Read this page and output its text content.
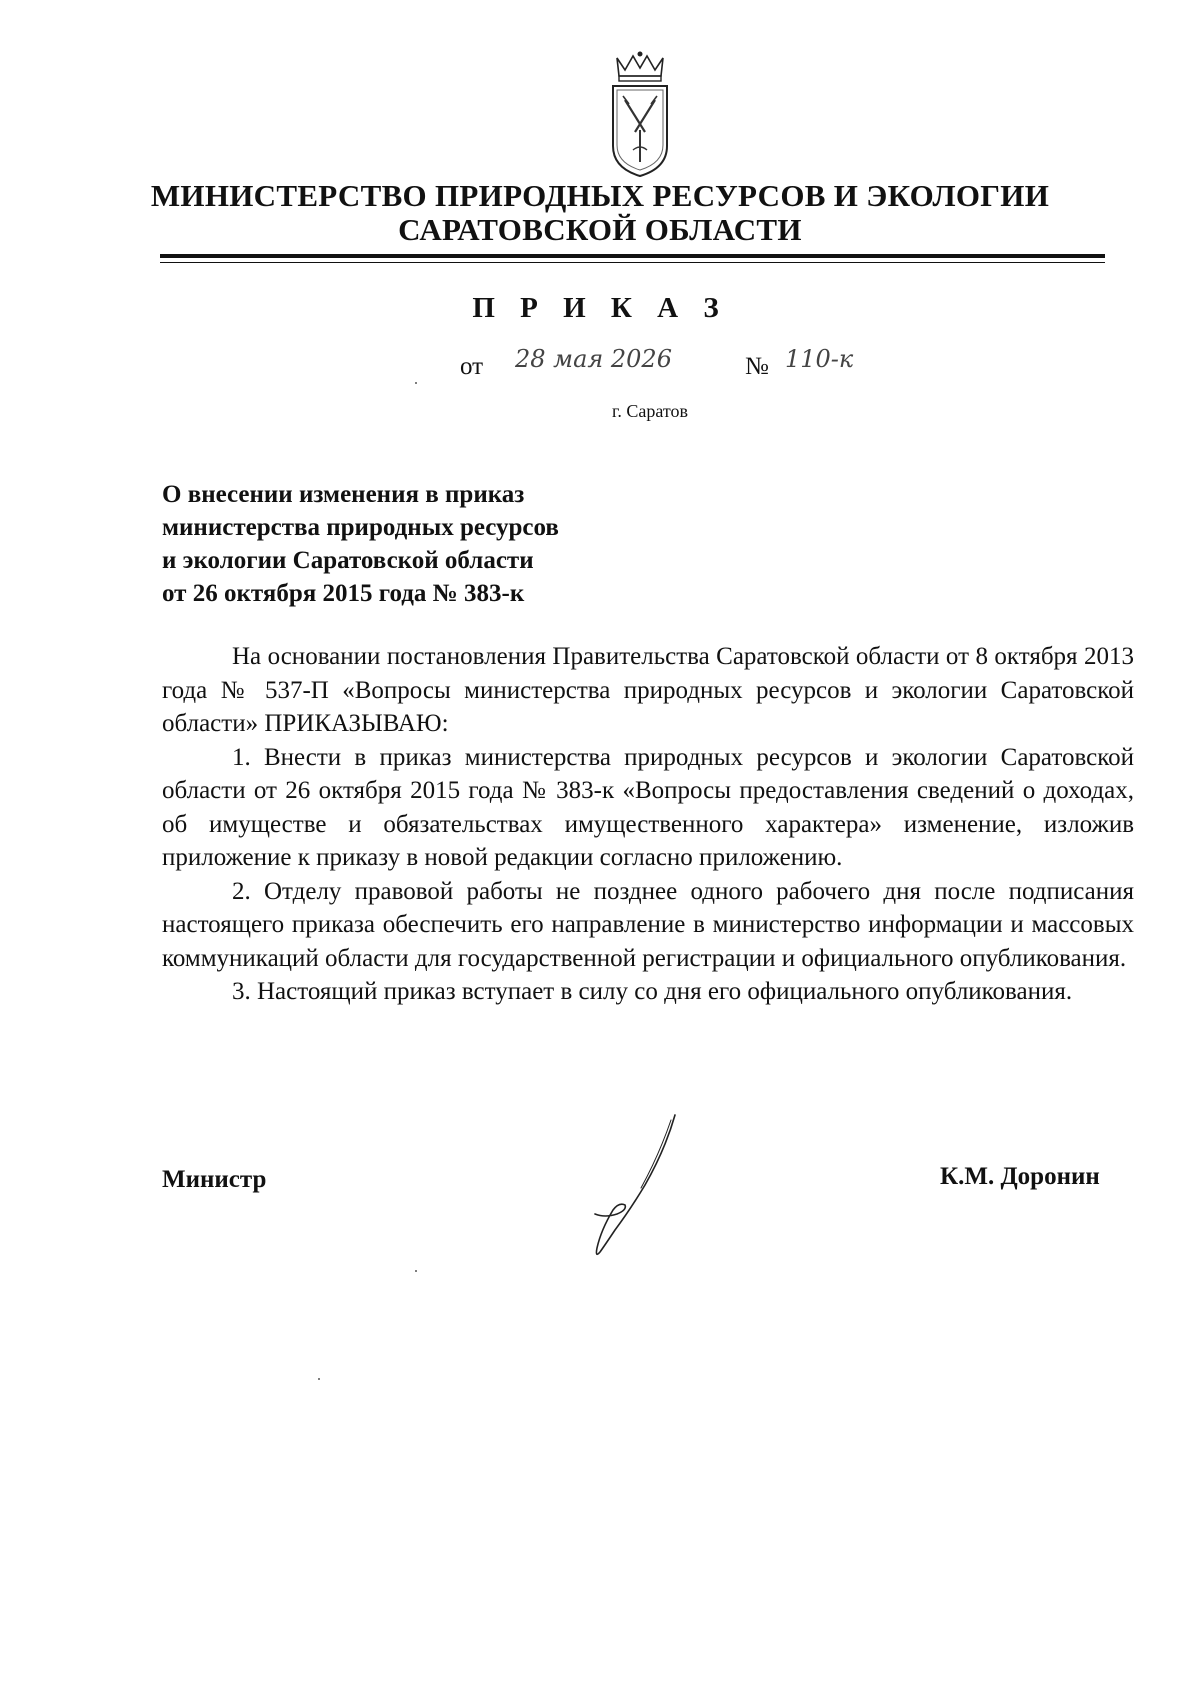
МИНИСТЕРСТВО ПРИРОДНЫХ РЕСУРСОВ И ЭКОЛОГИИ
САРАТОВСКОЙ ОБЛАСТИ
П Р И К А З
от 28 мая 2026	№ 110-к
г. Саратов
О внесении изменения в приказ
министерства природных ресурсов
и экологии Саратовской области
от 26 октября 2015 года № 383-к

На основании постановления Правительства Саратовской области от 8 октября 2013 года № 537-П «Вопросы министерства природных ресурсов и экологии Саратовской области» ПРИКАЗЫВАЮ:

1. Внести в приказ министерства природных ресурсов и экологии Саратовской области от 26 октября 2015 года № 383-к «Вопросы предоставления сведений о доходах, об имуществе и обязательствах имущественного характера» изменение, изложив приложение к приказу в новой редакции согласно приложению.

2. Отделу правовой работы не позднее одного рабочего дня после подписания настоящего приказа обеспечить его направление в министерство информации и массовых коммуникаций области для государственной регистрации и официального опубликования.

3. Настоящий приказ вступает в силу со дня его официального опубликования.

Министр	К.М. Доронин
